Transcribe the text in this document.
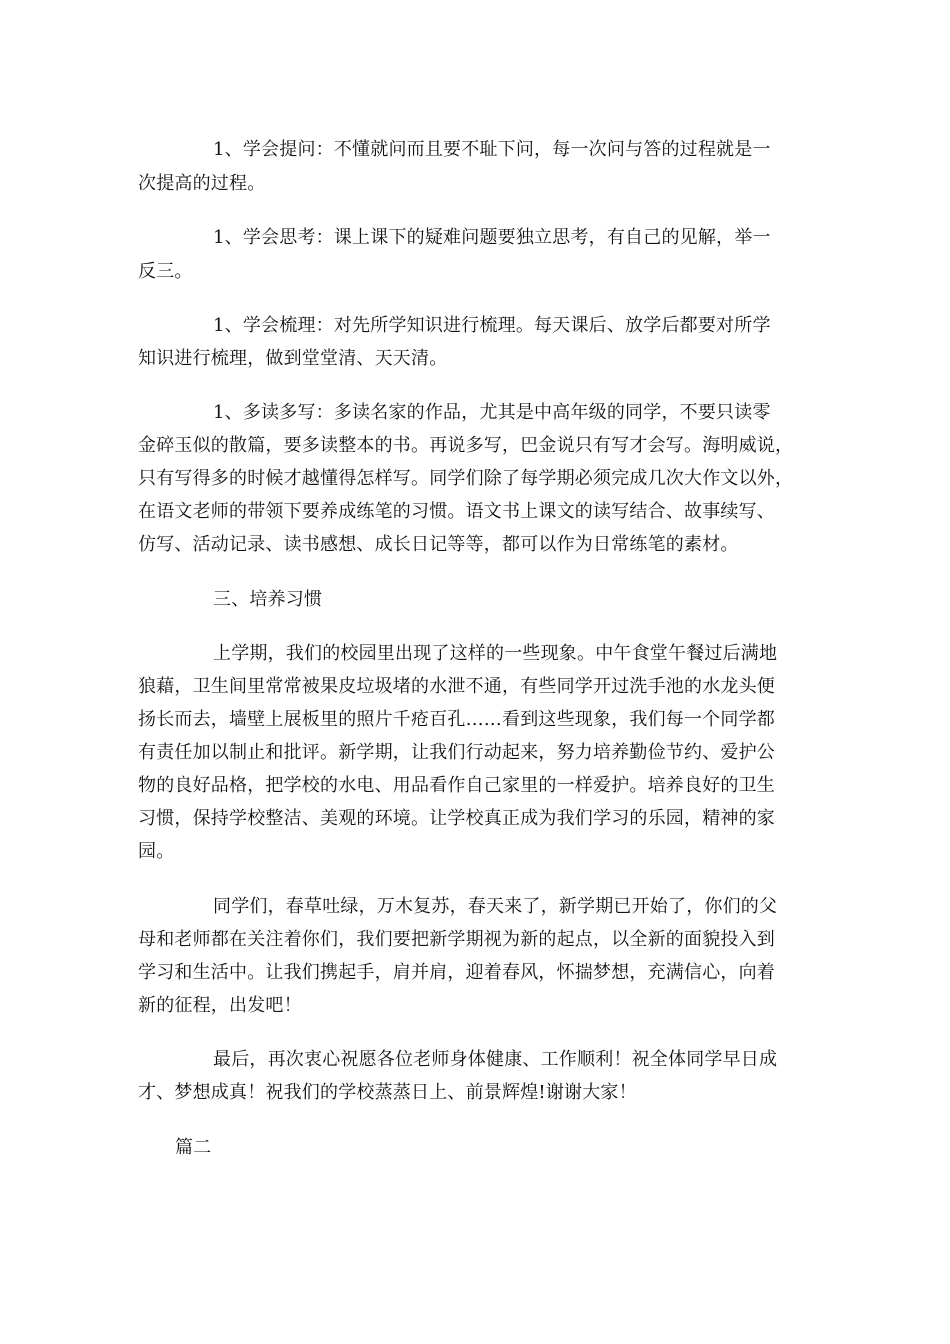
1、学会提问：不懂就问而且要不耻下问，每一次问与答的过程就是一
次提高的过程。
1、学会思考：课上课下的疑难问题要独立思考，有自己的见解，举一
反三。
1、学会梳理：对先所学知识进行梳理。每天课后、放学后都要对所学
知识进行梳理，做到堂堂清、天天清。
1、多读多写：多读名家的作品，尤其是中高年级的同学，不要只读零
金碎玉似的散篇，要多读整本的书。再说多写，巴金说只有写才会写。海明威说，
只有写得多的时候才越懂得怎样写。同学们除了每学期必须完成几次大作文以外，
在语文老师的带领下要养成练笔的习惯。语文书上课文的读写结合、故事续写、
仿写、活动记录、读书感想、成长日记等等，都可以作为日常练笔的素材。
三、培养习惯
上学期，我们的校园里出现了这样的一些现象。中午食堂午餐过后满地
狼藉，卫生间里常常被果皮垃圾堵的水泄不通，有些同学开过洗手池的水龙头便
扬长而去，墙壁上展板里的照片千疮百孔……看到这些现象，我们每一个同学都
有责任加以制止和批评。新学期，让我们行动起来，努力培养勤俭节约、爱护公
物的良好品格，把学校的水电、用品看作自己家里的一样爱护。培养良好的卫生
习惯，保持学校整洁、美观的环境。让学校真正成为我们学习的乐园，精神的家
园。
同学们，春草吐绿，万木复苏，春天来了，新学期已开始了，你们的父
母和老师都在关注着你们，我们要把新学期视为新的起点，以全新的面貌投入到
学习和生活中。让我们携起手，肩并肩，迎着春风，怀揣梦想，充满信心，向着
新的征程，出发吧！
最后，再次衷心祝愿各位老师身体健康、工作顺利！祝全体同学早日成
才、梦想成真！祝我们的学校蒸蒸日上、前景辉煌!谢谢大家！
篇二
